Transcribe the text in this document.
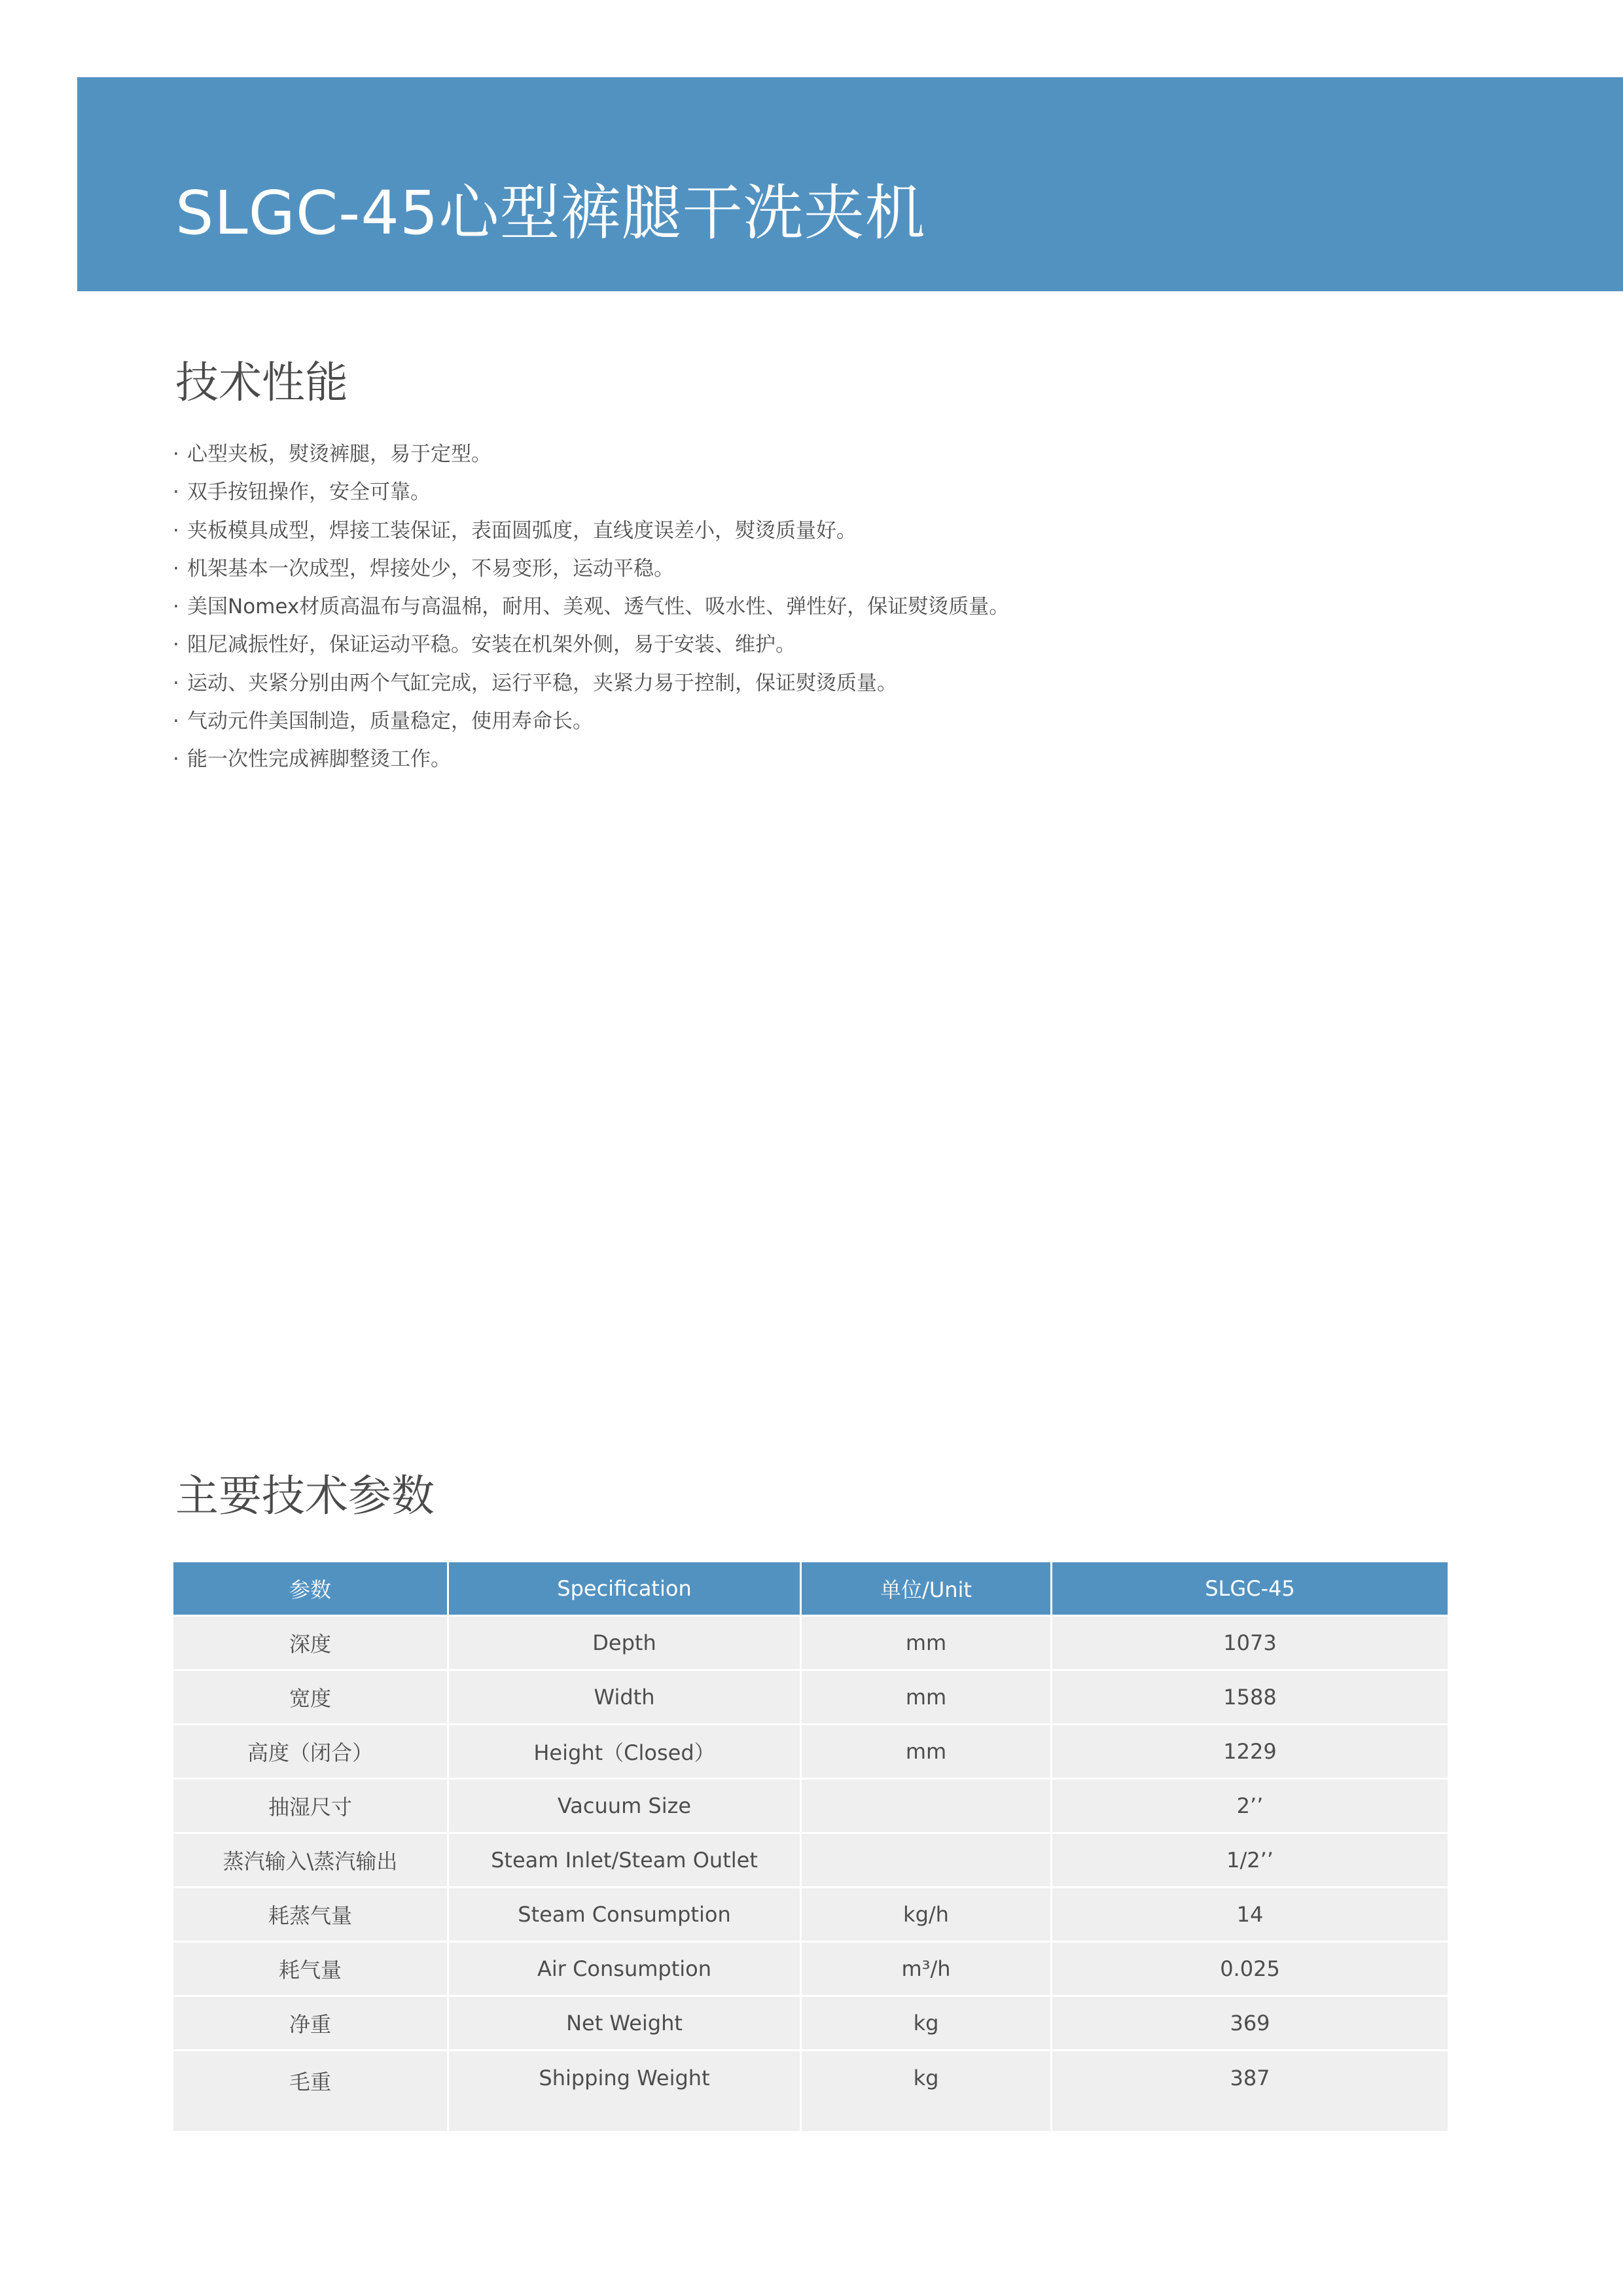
SLGC-45心型裤腿干洗夹机
技术性能
· 心型夹板，熨烫裤腿，易于定型。
· 双手按钮操作，安全可靠。
· 夹板模具成型，焊接工装保证，表面圆弧度，直线度误差小，熨烫质量好。
· 机架基本一次成型，焊接处少，不易变形，运动平稳。
· 美国Nomex材质高温布与高温棉，耐用、美观、透气性、吸水性、弹性好，保证熨烫质量。
· 阻尼减振性好，保证运动平稳。安装在机架外侧，易于安装、维护。
· 运动、夹紧分别由两个气缸完成，运行平稳，夹紧力易于控制，保证熨烫质量。
· 气动元件美国制造，质量稳定，使用寿命长。
· 能一次性完成裤脚整烫工作。
主要技术参数
参数	Specification	单位/Unit	SLGC-45
深度	Depth	mm	1073
宽度	Width	mm	1588
高度（闭合）	Height（Closed）	mm	1229
抽湿尺寸	Vacuum Size		2’’
蒸汽输入\蒸汽输出	Steam Inlet/Steam Outlet		1/2’’
耗蒸气量	Steam Consumption	kg/h	14
耗气量	Air Consumption	m³/h	0.025
净重	Net Weight	kg	369
毛重	Shipping Weight	kg	387
